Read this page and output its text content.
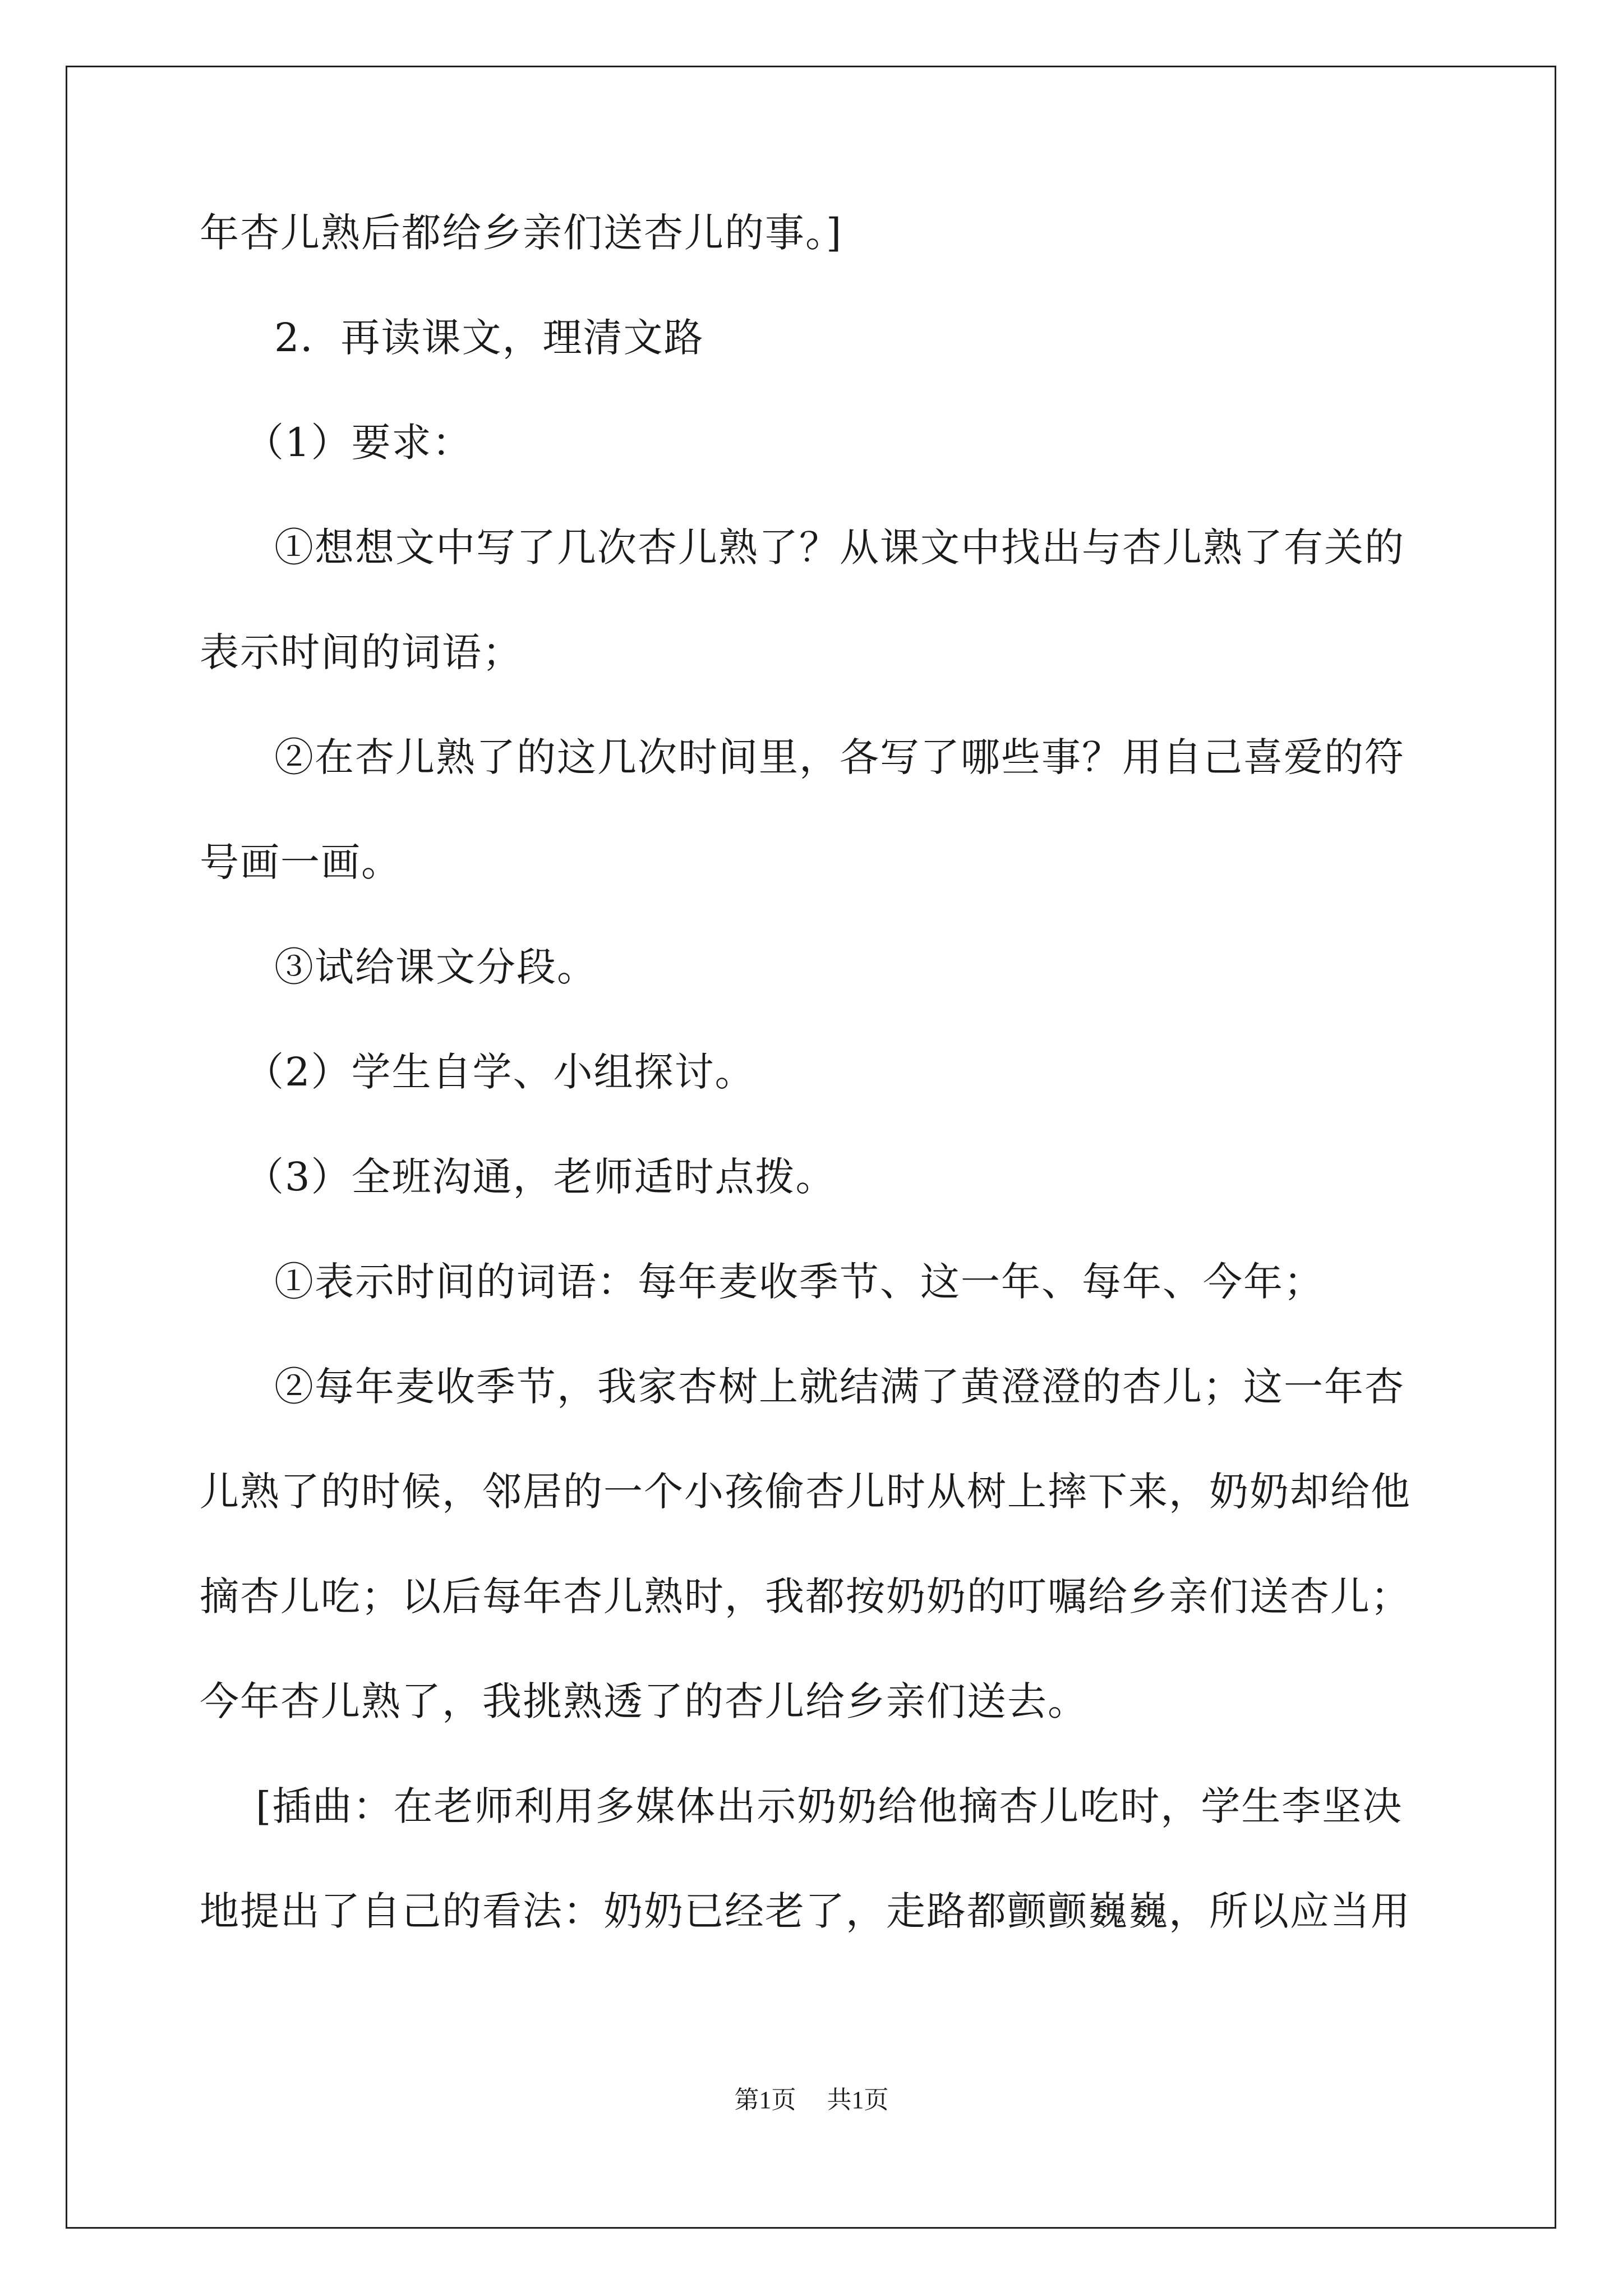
年杏儿熟后都给乡亲们送杏儿的事。]
2．再读课文，理清文路
（1）要求：
①想想文中写了几次杏儿熟了？从课文中找出与杏儿熟了有关的
表示时间的词语；
②在杏儿熟了的这几次时间里，各写了哪些事？用自己喜爱的符
号画一画。
③试给课文分段。
（2）学生自学、小组探讨。
（3）全班沟通，老师适时点拨。
①表示时间的词语：每年麦收季节、这一年、每年、今年；
②每年麦收季节，我家杏树上就结满了黄澄澄的杏儿；这一年杏
儿熟了的时候，邻居的一个小孩偷杏儿时从树上摔下来，奶奶却给他
摘杏儿吃；以后每年杏儿熟时，我都按奶奶的叮嘱给乡亲们送杏儿；
今年杏儿熟了，我挑熟透了的杏儿给乡亲们送去。
[插曲：在老师利用多媒体出示奶奶给他摘杏儿吃时，学生李坚决
地提出了自己的看法：奶奶已经老了，走路都颤颤巍巍，所以应当用
第1页 共1页
